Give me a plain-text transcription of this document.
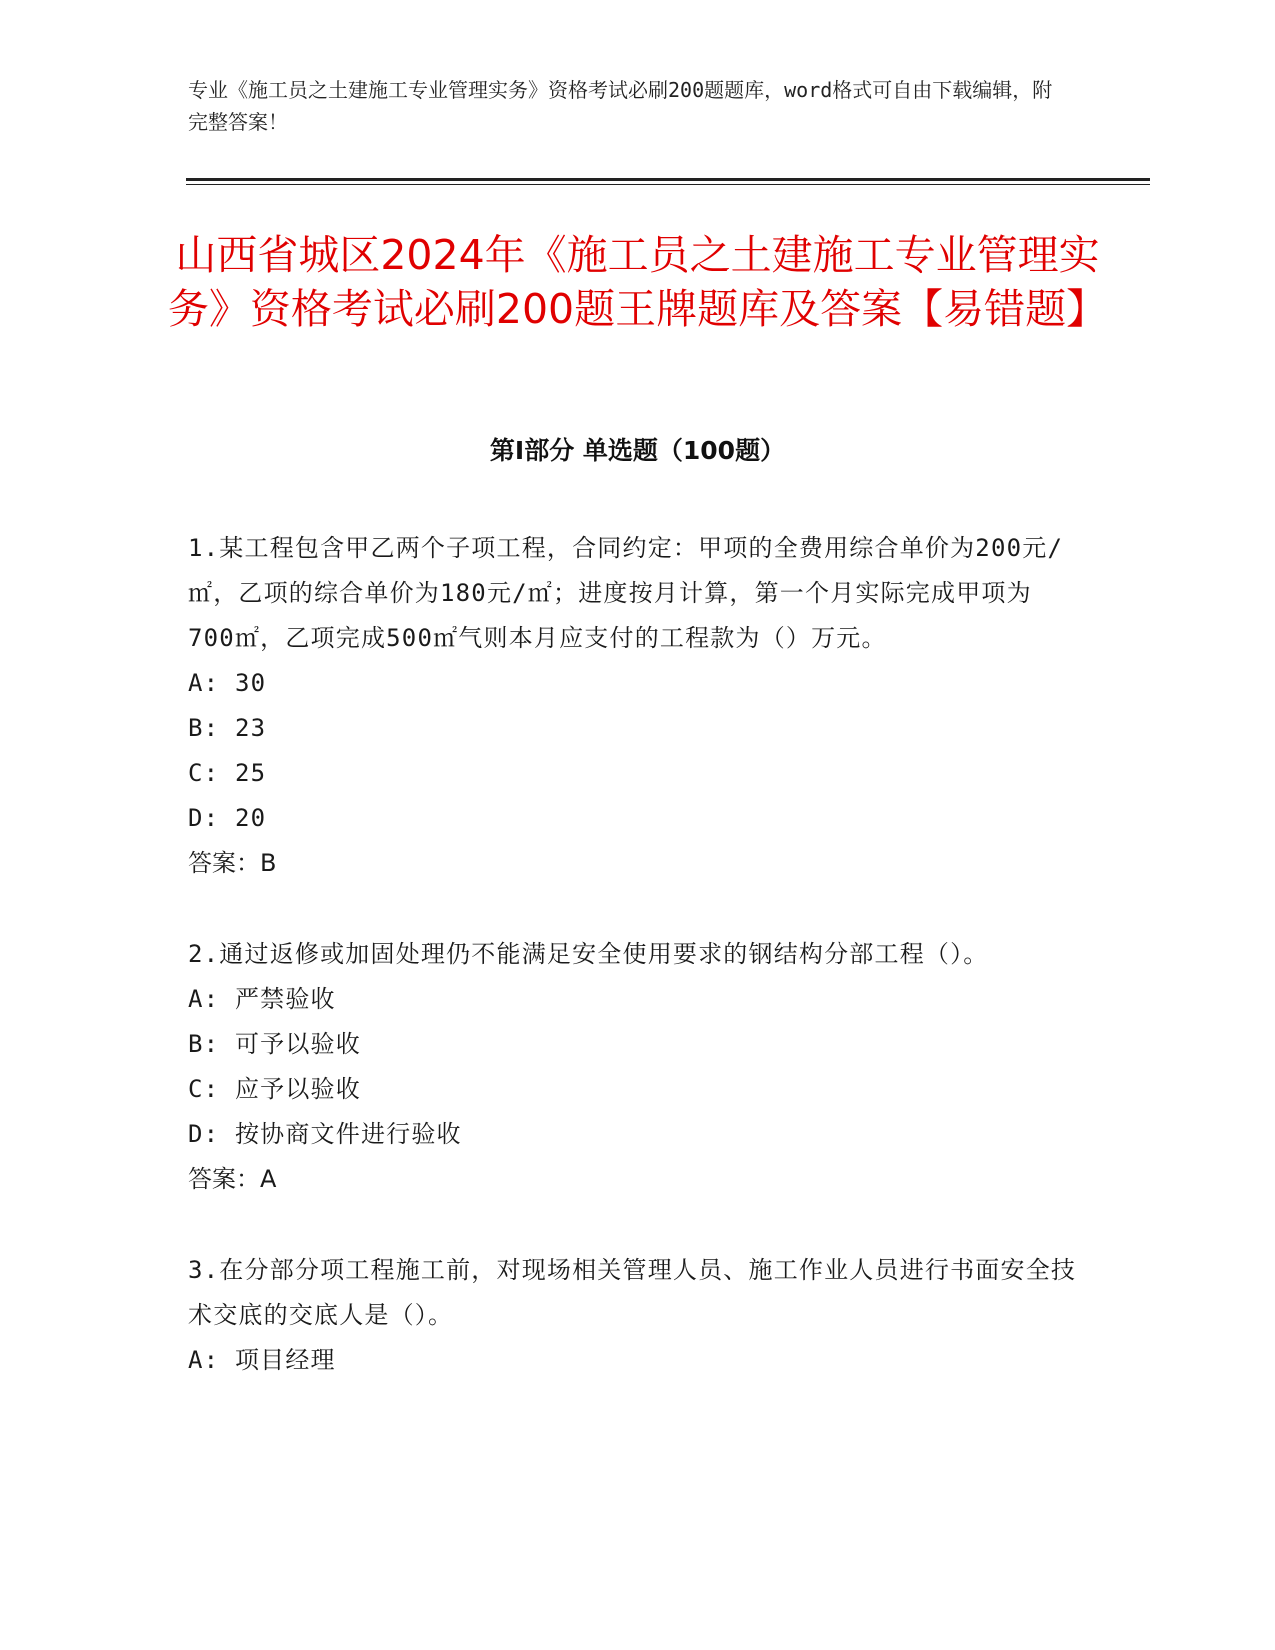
专业《施工员之土建施工专业管理实务》资格考试必刷200题题库，word格式可自由下载编辑，附完整答案！
山西省城区2024年《施工员之土建施工专业管理实务》资格考试必刷200题王牌题库及答案【易错题】
第I部分 单选题（100题）

1.某工程包含甲乙两个子项工程，合同约定：甲项的全费用综合单价为200元/㎡，乙项的综合单价为180元/㎡；进度按月计算，第一个月实际完成甲项为700㎡，乙项完成500㎡气则本月应支付的工程款为（）万元。

A: 30

B: 23

C: 25

D: 20

答案：B

2.通过返修或加固处理仍不能满足安全使用要求的钢结构分部工程（）。

A: 严禁验收

B: 可予以验收

C: 应予以验收

D: 按协商文件进行验收

答案：A

3.在分部分项工程施工前，对现场相关管理人员、施工作业人员进行书面安全技术交底的交底人是（）。

A: 项目经理
